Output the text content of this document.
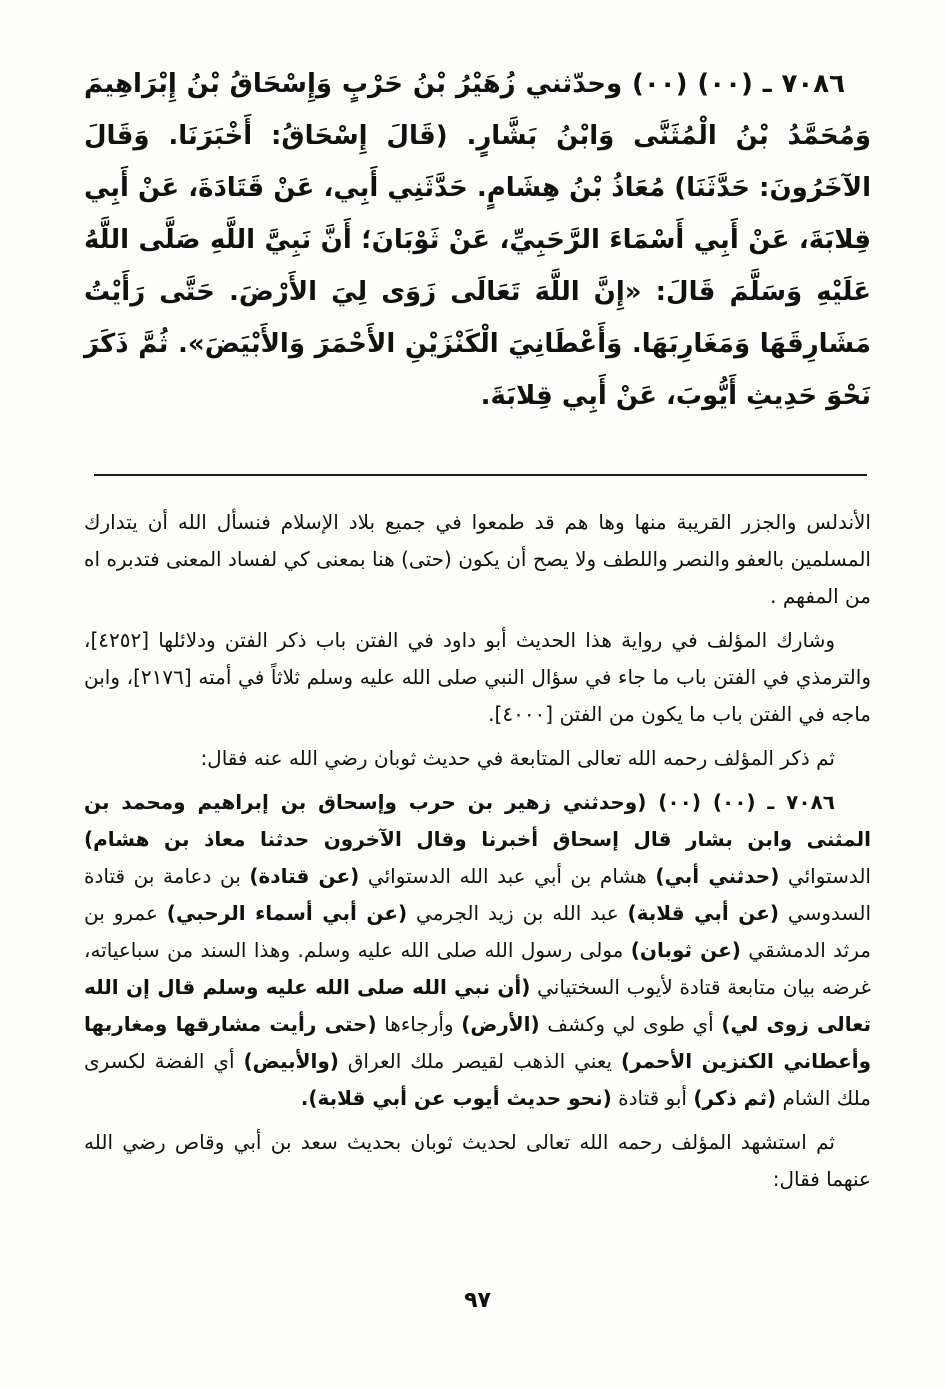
٧٠٨٦ ـ (٠٠) (٠٠) وحدّثني زُهَيْرُ بْنُ حَرْبٍ وَإِسْحَاقُ بْنُ إِبْرَاهِيمَ وَمُحَمَّدُ بْنُ الْمُثَنَّى وَابْنُ بَشَّارٍ. (قَالَ إِسْحَاقُ: أَخْبَرَنَا. وَقَالَ الآخَرُونَ: حَدَّثَنَا) مُعَاذُ بْنُ هِشَامٍ. حَدَّثَنِي أَبِي، عَنْ قَتَادَةَ، عَنْ أَبِي قِلابَةَ، عَنْ أَبِي أَسْمَاءَ الرَّحَبِيِّ، عَنْ ثَوْبَانَ؛ أَنَّ نَبِيَّ اللَّهِ صَلَّى اللَّهُ عَلَيْهِ وَسَلَّمَ قَالَ: «إِنَّ اللَّهَ تَعَالَى زَوَى لِيَ الأَرْضَ. حَتَّى رَأَيْتُ مَشَارِقَهَا وَمَغَارِبَهَا. وَأَعْطَانِيَ الْكَنْزَيْنِ الأَحْمَرَ وَالأَبْيَضَ». ثُمَّ ذَكَرَ نَحْوَ حَدِيثِ أَيُّوبَ، عَنْ أَبِي قِلابَةَ.

الأندلس والجزر القريبة منها وها هم قد طمعوا في جميع بلاد الإسلام فنسأل الله أن يتدارك المسلمين بالعفو والنصر واللطف ولا يصح أن يكون (حتى) هنا بمعنى كي لفساد المعنى فتدبره اه من المفهم .

وشارك المؤلف في رواية هذا الحديث أبو داود في الفتن باب ذكر الفتن ودلائلها [٤٢٥٢]، والترمذي في الفتن باب ما جاء في سؤال النبي صلى الله عليه وسلم ثلاثاً في أمته [٢١٧٦]، وابن ماجه في الفتن باب ما يكون من الفتن [٤٠٠٠].

ثم ذكر المؤلف رحمه الله تعالى المتابعة في حديث ثوبان رضي الله عنه فقال:

٧٠٨٦ ـ (٠٠) (٠٠) (وحدثني زهير بن حرب وإسحاق بن إبراهيم ومحمد بن المثنى وابن بشار قال إسحاق أخبرنا وقال الآخرون حدثنا معاذ بن هشام) الدستوائي (حدثني أبي) هشام بن أبي عبد الله الدستوائي (عن قتادة) بن دعامة بن قتادة السدوسي (عن أبي قلابة) عبد الله بن زيد الجرمي (عن أبي أسماء الرحبي) عمرو بن مرثد الدمشقي (عن ثوبان) مولى رسول الله صلى الله عليه وسلم. وهذا السند من سباعياته، غرضه بيان متابعة قتادة لأيوب السختياني (أن نبي الله صلى الله عليه وسلم قال إن الله تعالى زوى لي) أي طوى لي وكشف (الأرض) وأرجاءها (حتى رأيت مشارقها ومغاربها وأعطاني الكنزين الأحمر) يعني الذهب لقيصر ملك العراق (والأبيض) أي الفضة لكسرى ملك الشام (ثم ذكر) أبو قتادة (نحو حديث أيوب عن أبي قلابة).

ثم استشهد المؤلف رحمه الله تعالى لحديث ثوبان بحديث سعد بن أبي وقاص رضي الله عنهما فقال:

٩٧
